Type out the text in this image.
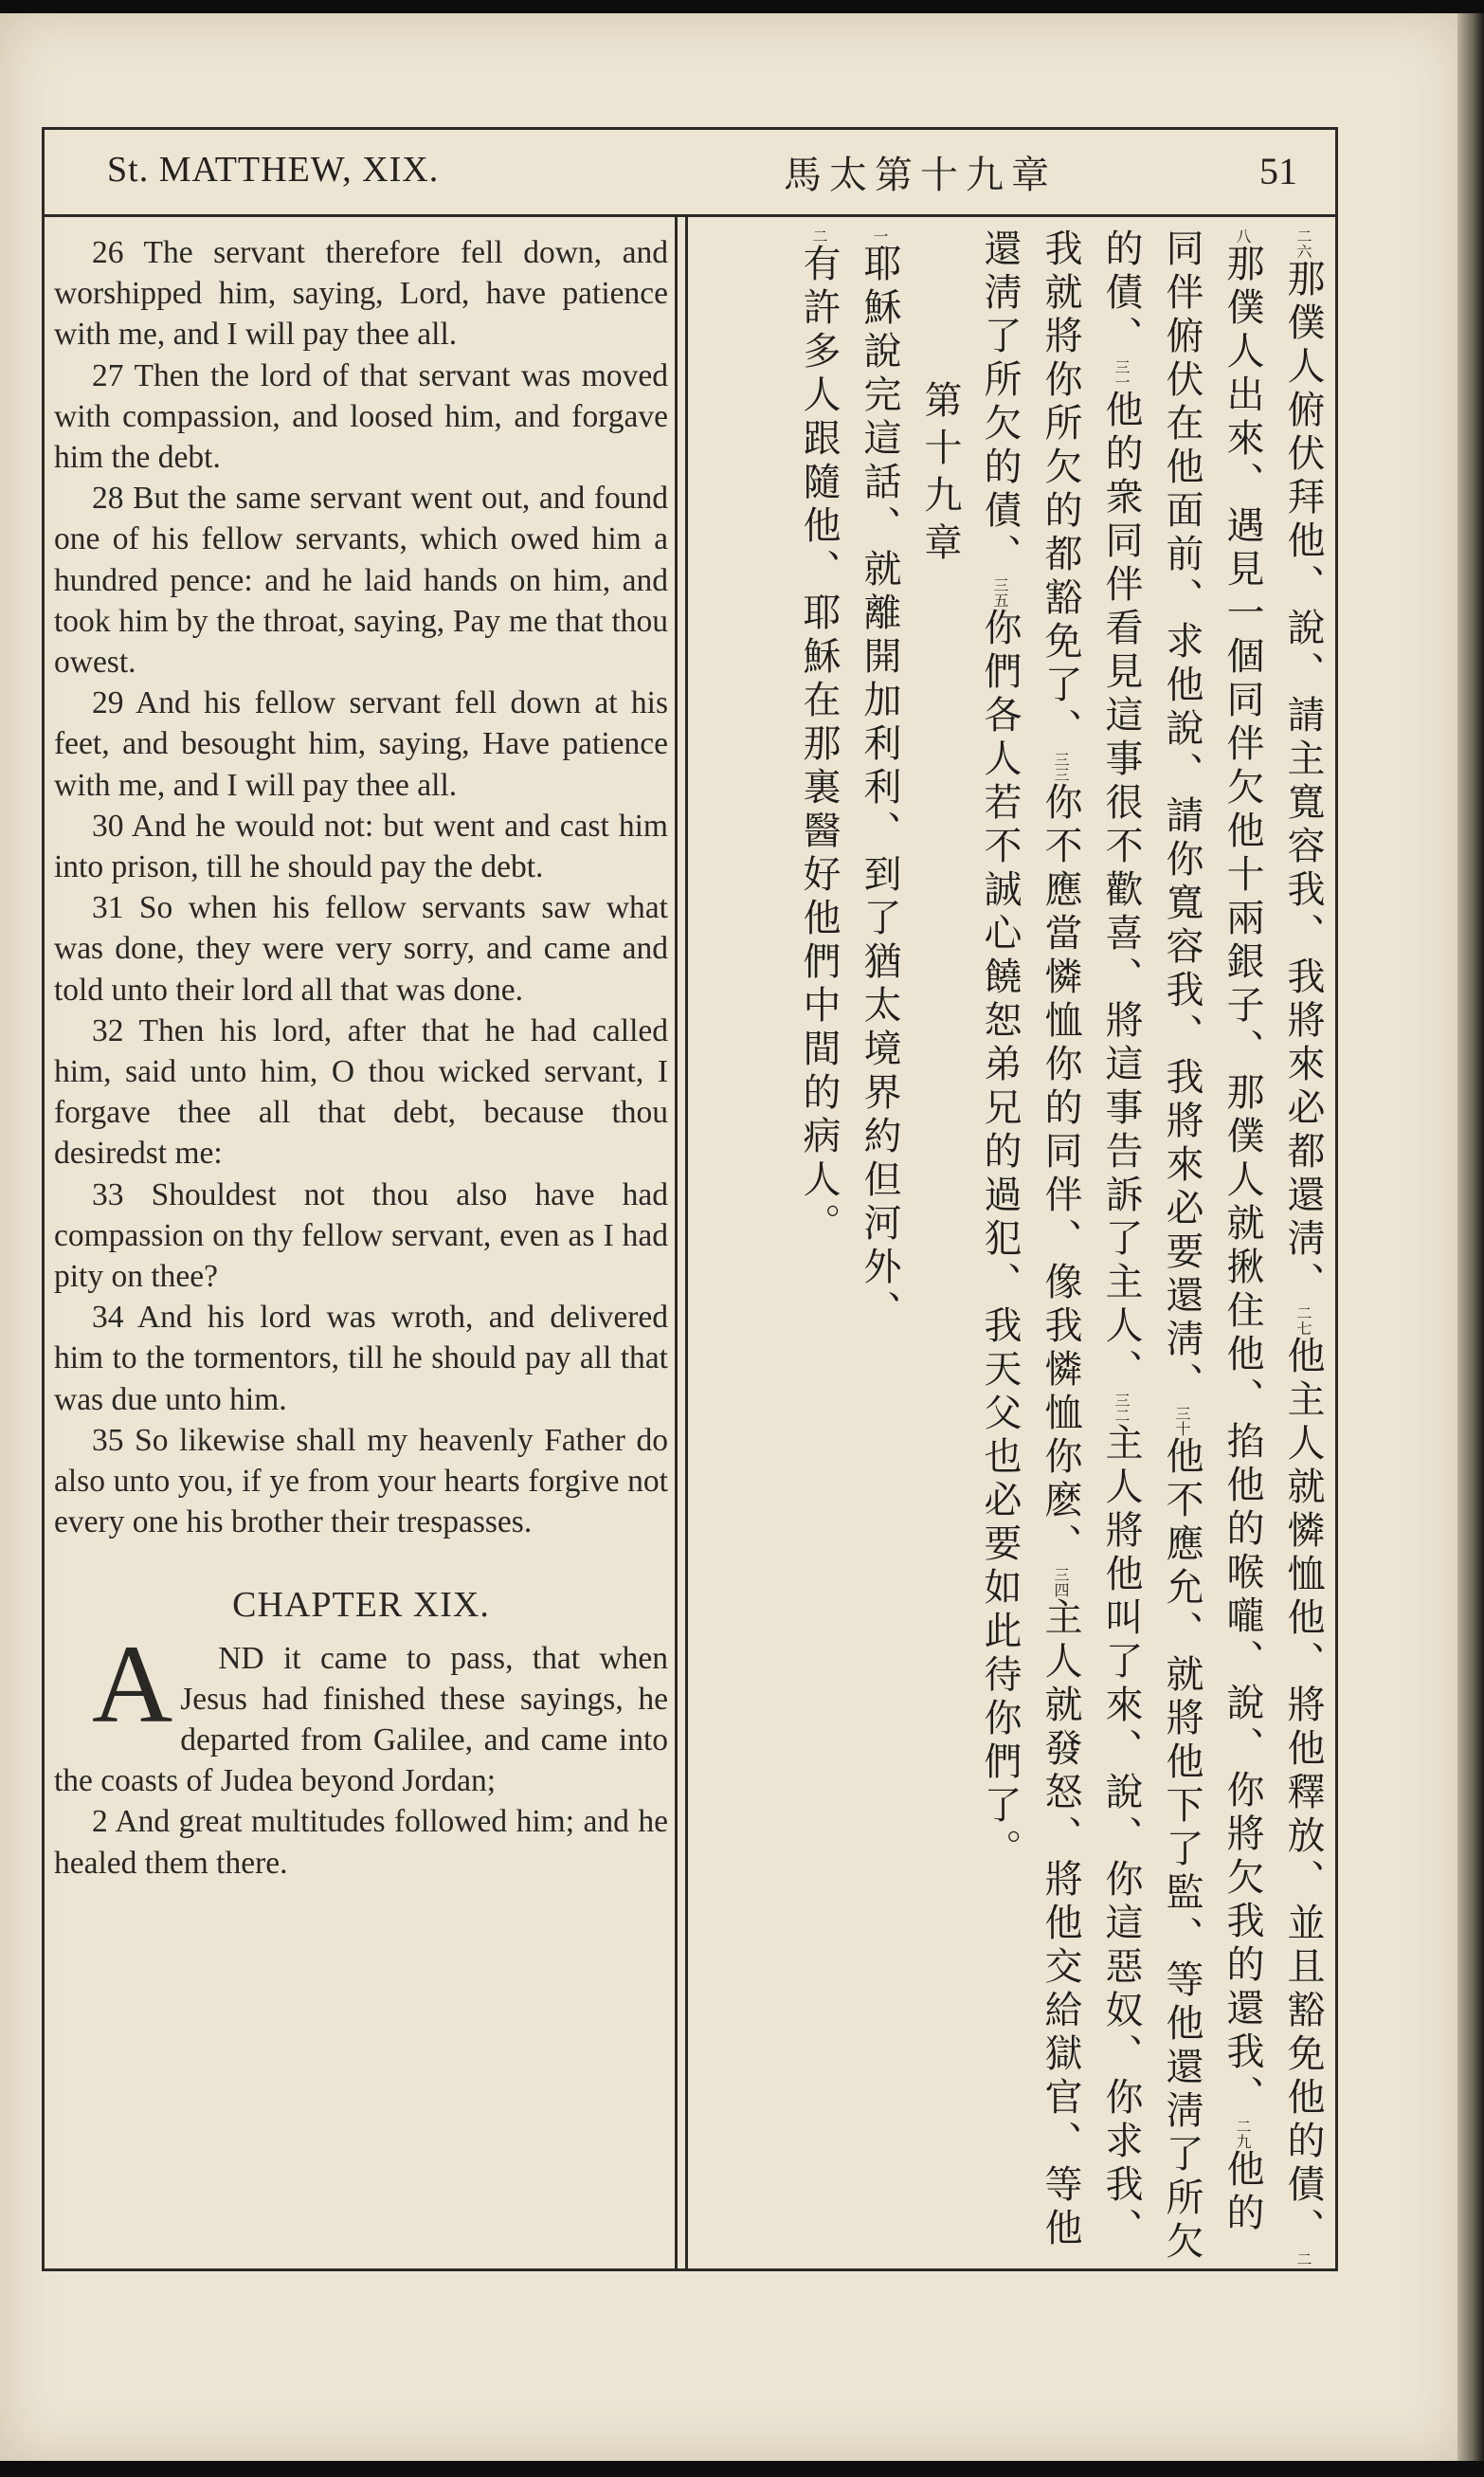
St. MATTHEW, XIX.	馬太第十九章	51

26 The servant therefore fell down, and worshipped him, saying, Lord, have patience with me, and I will pay thee all.

27 Then the lord of that servant was moved with compassion, and loosed him, and forgave him the debt.

28 But the same servant went out, and found one of his fellow servants, which owed him a hundred pence: and he laid hands on him, and took him by the throat, saying, Pay me that thou owest.

29 And his fellow servant fell down at his feet, and besought him, saying, Have patience with me, and I will pay thee all.

30 And he would not: but went and cast him into prison, till he should pay the debt.

31 So when his fellow servants saw what was done, they were very sorry, and came and told unto their lord all that was done.

32 Then his lord, after that he had called him, said unto him, O thou wicked servant, I forgave thee all that debt, because thou desiredst me:

33 Shouldest not thou also have had compassion on thy fellow servant, even as I had pity on thee?

34 And his lord was wroth, and delivered him to the tormentors, till he should pay all that was due unto him.

35 So likewise shall my heavenly Father do also unto you, if ye from your hearts forgive not every one his brother their trespasses.

CHAPTER XIX.

A ND it came to pass, that when Jesus had finished these sayings, he departed from Galilee, and came into the coasts of Judea beyond Jordan;

2 And great multitudes followed him; and he healed them there.

二六那僕人俯伏拜他、說、請主寬容我、我將來必都還淸、二七他主人就憐恤他、將他釋放、並且豁免他的債、二八那僕人出來、遇見一個同伴欠他十兩銀子、那僕人就揪住他、掐他的喉嚨、說、你將欠我的還我、二九他的同伴俯伏在他面前、求他說、請你寬容我、我將來必要還淸、三十他不應允、就將他下了監、等他還淸了所欠的債、三一他的衆同伴看見這事很不歡喜、將這事告訴了主人、三二主人將他叫了來、說、你這惡奴、你求我、我就將你所欠的都豁免了、三三你不應當憐恤你的同伴、像我憐恤你麽、三四主人就發怒、將他交給獄官、等他還淸了所欠的債、三五你們各人若不誠心饒恕弟兄的過犯、我天父也必要如此待你們了。

第十九章

一耶穌說完這話、就離開加利利、到了猶太境界約但河外、

二有許多人跟隨他、耶穌在那裏醫好他們中間的病人。
